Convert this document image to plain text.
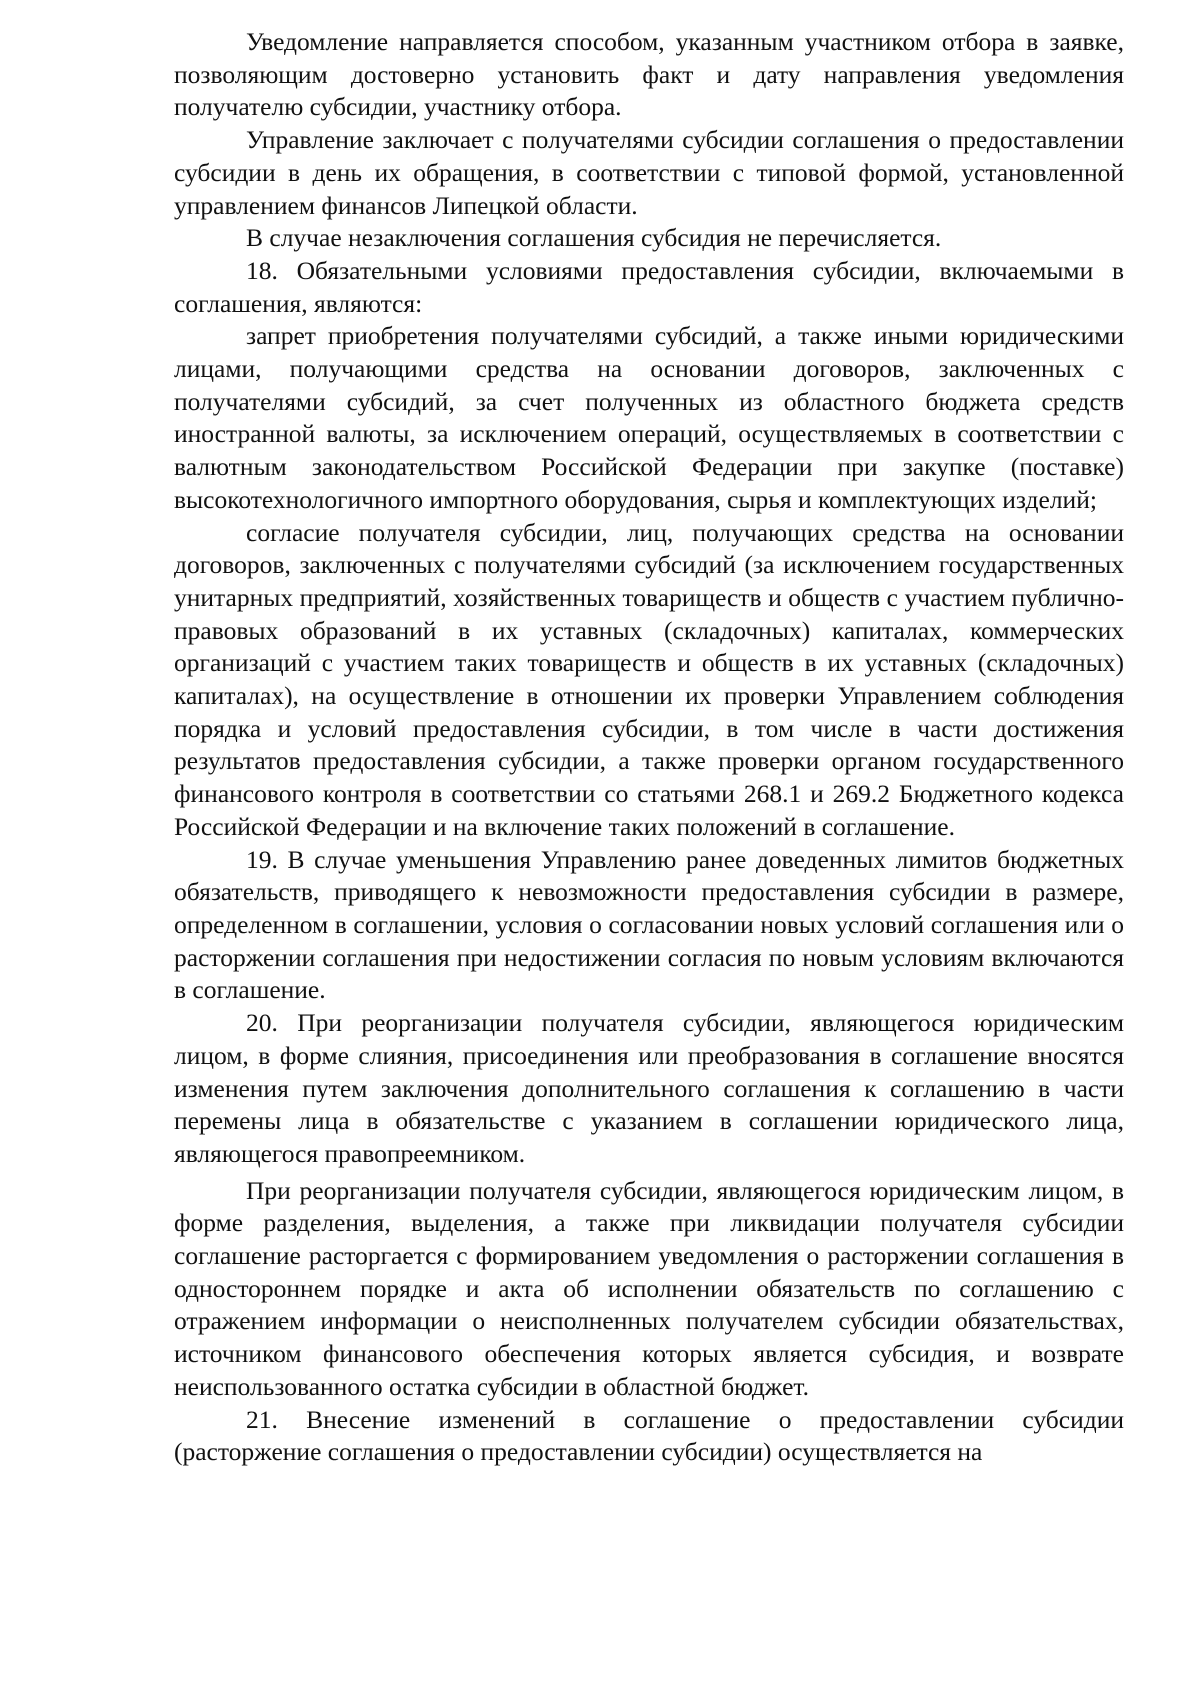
Уведомление направляется способом, указанным участником отбора в заявке, позволяющим достоверно установить факт и дату направления уведомления получателю субсидии, участнику отбора.

Управление заключает с получателями субсидии соглашения о предоставлении субсидии в день их обращения, в соответствии с типовой формой, установленной управлением финансов Липецкой области.

В случае незаключения соглашения субсидия не перечисляется.

18. Обязательными условиями предоставления субсидии, включаемыми в соглашения, являются:

запрет приобретения получателями субсидий, а также иными юридическими лицами, получающими средства на основании договоров, заключенных с получателями субсидий, за счет полученных из областного бюджета средств иностранной валюты, за исключением операций, осуществляемых в соответствии с валютным законодательством Российской Федерации при закупке (поставке) высокотехнологичного импортного оборудования, сырья и комплектующих изделий;

согласие получателя субсидии, лиц, получающих средства на основании договоров, заключенных с получателями субсидий (за исключением государственных унитарных предприятий, хозяйственных товариществ и обществ с участием публично-правовых образований в их уставных (складочных) капиталах, коммерческих организаций с участием таких товариществ и обществ в их уставных (складочных) капиталах), на осуществление в отношении их проверки Управлением соблюдения порядка и условий предоставления субсидии, в том числе в части достижения результатов предоставления субсидии, а также проверки органом государственного финансового контроля в соответствии со статьями 268.1 и 269.2 Бюджетного кодекса Российской Федерации и на включение таких положений в соглашение.

19. В случае уменьшения Управлению ранее доведенных лимитов бюджетных обязательств, приводящего к невозможности предоставления субсидии в размере, определенном в соглашении, условия о согласовании новых условий соглашения или о расторжении соглашения при недостижении согласия по новым условиям включаются в соглашение.

20. При реорганизации получателя субсидии, являющегося юридическим лицом, в форме слияния, присоединения или преобразования в соглашение вносятся изменения путем заключения дополнительного соглашения к соглашению в части перемены лица в обязательстве с указанием в соглашении юридического лица, являющегося правопреемником.

При реорганизации получателя субсидии, являющегося юридическим лицом, в форме разделения, выделения, а также при ликвидации получателя субсидии соглашение расторгается с формированием уведомления о расторжении соглашения в одностороннем порядке и акта об исполнении обязательств по соглашению с отражением информации о неисполненных получателем субсидии обязательствах, источником финансового обеспечения которых является субсидия, и возврате неиспользованного остатка субсидии в областной бюджет.

21. Внесение изменений в соглашение о предоставлении субсидии (расторжение соглашения о предоставлении субсидии) осуществляется на
